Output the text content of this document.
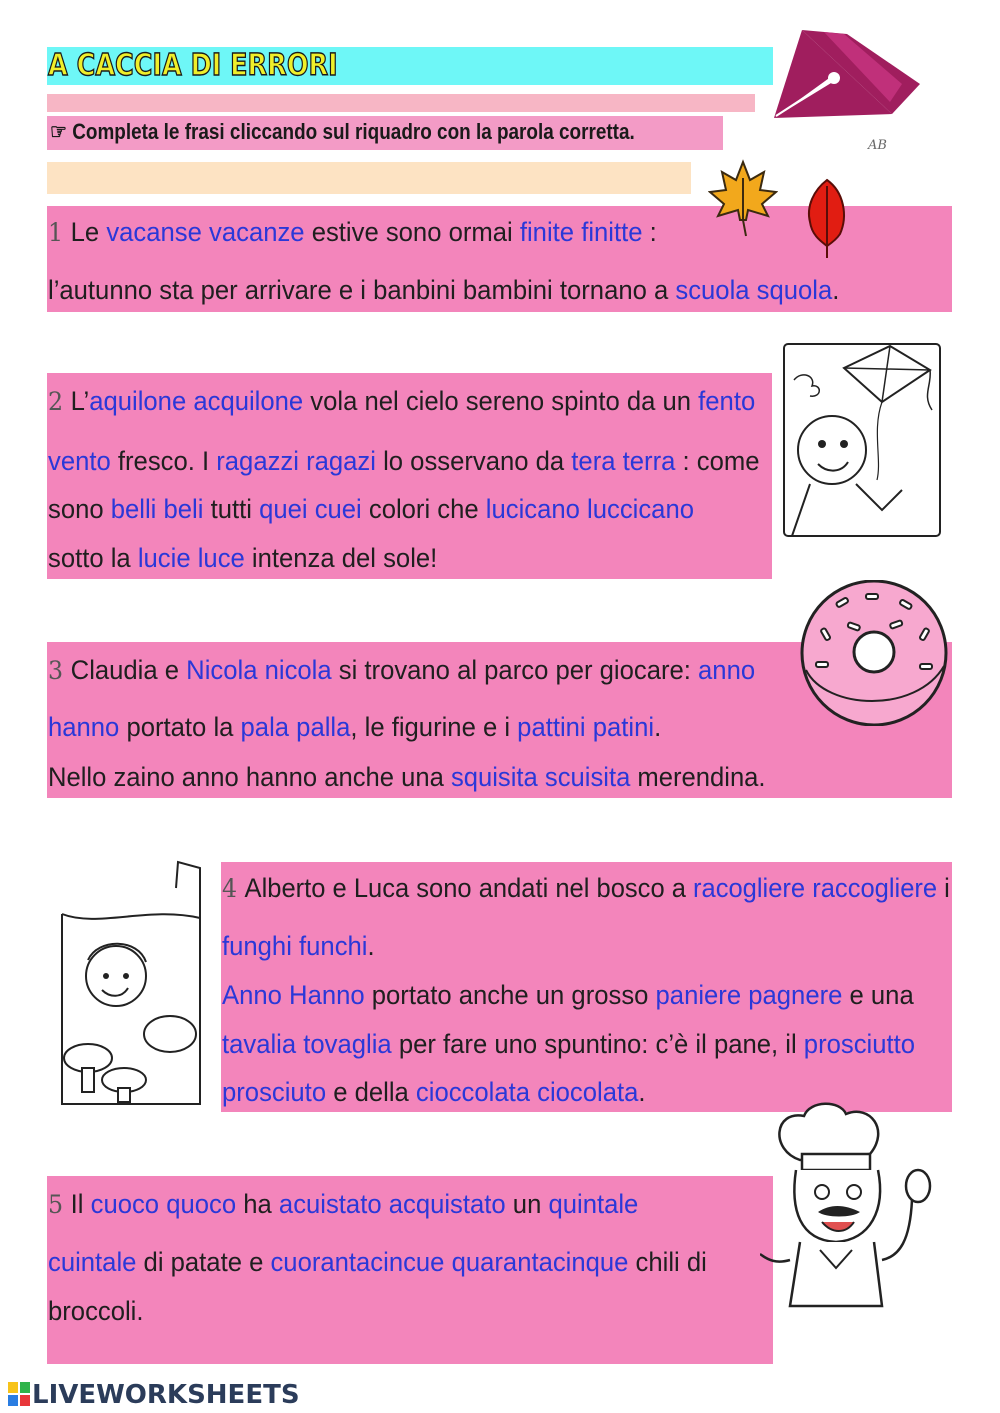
A CACCIA DI ERRORI
☞ Completa le frasi cliccando sul riquadro con la parola corretta.
AB
1 Le vacanse vacanze estive sono ormai finite finitte :
l’autunno sta per arrivare e i banbini bambini tornano a scuola squola.
2 L’aquilone acquilone vola nel cielo sereno spinto da un fento
vento fresco. I ragazzi ragazi lo osservano da tera terra : come
sono belli beli tutti quei cuei colori che lucicano luccicano
sotto la lucie luce intenza del sole!
3 Claudia e Nicola nicola si trovano al parco per giocare: anno
hanno portato la pala palla, le figurine e i pattini patini.
Nello zaino anno hanno anche una squisita scuisita merendina.
4 Alberto e Luca sono andati nel bosco a racogliere raccogliere i
funghi funchi.
Anno Hanno portato anche un grosso paniere pagnere e una
tavalia tovaglia per fare uno spuntino: c’è il pane, il prosciutto
prosciuto e della cioccolata ciocolata.
5 Il cuoco quoco ha acuistato acquistato un quintale
cuintale di patate e cuorantacincue quarantacinque chili di
broccoli.
LIVEWORKSHEETS
